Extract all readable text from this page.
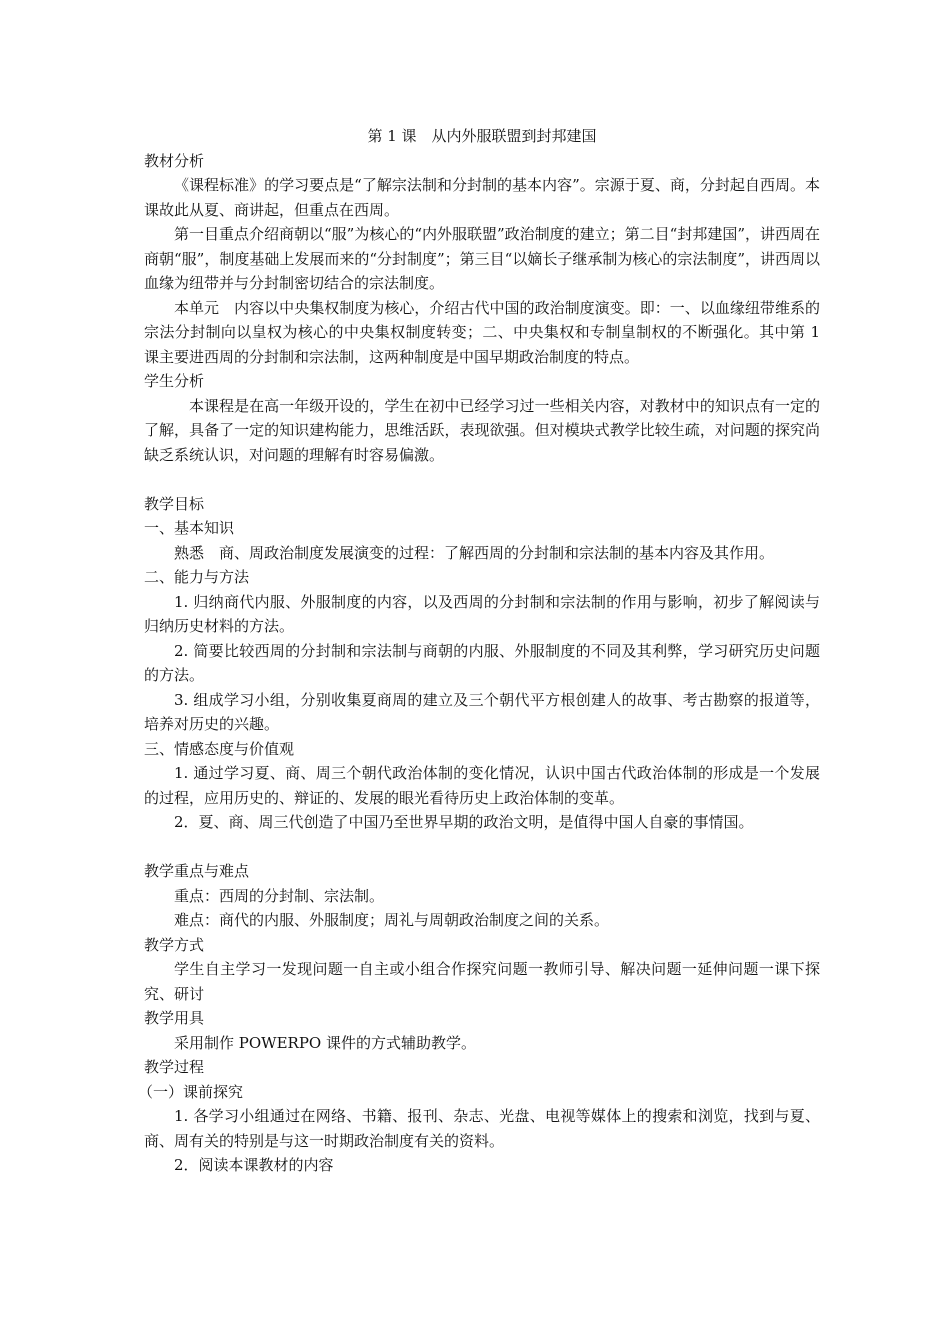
第 1 课　从内外服联盟到封邦建国

教材分析

《课程标准》的学习要点是“了解宗法制和分封制的基本内容”。宗源于夏、商，分封起自西周。本课故此从夏、商讲起，但重点在西周。

第一目重点介绍商朝以“服”为核心的“内外服联盟”政治制度的建立；第二目“封邦建国”，讲西周在商朝“服”，制度基础上发展而来的“分封制度”；第三目“以嫡长子继承制为核心的宗法制度”，讲西周以血缘为纽带并与分封制密切结合的宗法制度。

本单元　内容以中央集权制度为核心，介绍古代中国的政治制度演变。即：一、以血缘纽带维系的宗法分封制向以皇权为核心的中央集权制度转变；二、中央集权和专制皇制权的不断强化。其中第 1 课主要进西周的分封制和宗法制，这两种制度是中国早期政治制度的特点。

学生分析

本课程是在高一年级开设的，学生在初中已经学习过一些相关内容，对教材中的知识点有一定的了解，具备了一定的知识建构能力，思维活跃，表现欲强。但对模块式教学比较生疏，对问题的探究尚缺乏系统认识，对问题的理解有时容易偏激。

教学目标

一、基本知识

熟悉　商、周政治制度发展演变的过程：了解西周的分封制和宗法制的基本内容及其作用。

二、能力与方法

1. 归纳商代内服、外服制度的内容，以及西周的分封制和宗法制的作用与影响，初步了解阅读与归纳历史材料的方法。

2. 简要比较西周的分封制和宗法制与商朝的内服、外服制度的不同及其利弊，学习研究历史问题的方法。

3. 组成学习小组，分别收集夏商周的建立及三个朝代平方根创建人的故事、考古勘察的报道等，培养对历史的兴趣。

三、情感态度与价值观

1. 通过学习夏、商、周三个朝代政治体制的变化情况，认识中国古代政治体制的形成是一个发展的过程，应用历史的、辩证的、发展的眼光看待历史上政治体制的变革。

2．夏、商、周三代创造了中国乃至世界早期的政治文明，是值得中国人自豪的事情国。

教学重点与难点

重点：西周的分封制、宗法制。

难点：商代的内服、外服制度；周礼与周朝政治制度之间的关系。

教学方式

学生自主学习一发现问题一自主或小组合作探究问题一教师引导、解决问题一延伸问题一课下探究、研讨

教学用具

采用制作 POWERPO 课件的方式辅助教学。

教学过程

（一）课前探究

1. 各学习小组通过在网络、书籍、报刊、杂志、光盘、电视等媒体上的搜索和浏览，找到与夏、商、周有关的特别是与这一时期政治制度有关的资料。

2．阅读本课教材的内容
